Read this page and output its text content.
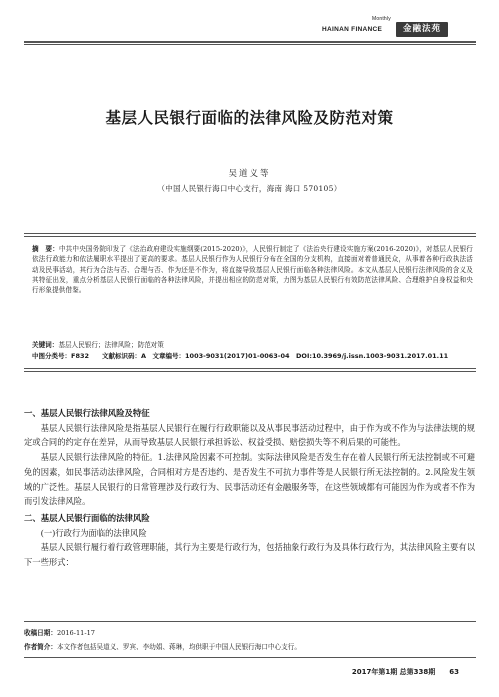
Monthly
HAINAN FINANCE	金融法苑
基层人民银行面临的法律风险及防范对策
吴道义等
（中国人民银行海口中心支行，海南 海口 570105）
摘　要：中共中央国务院印发了《法治政府建设实施纲要(2015-2020)》，人民银行制定了《法治央行建设实施方案(2016-2020)》，对基层人民银行依法行政能力和依法履职水平提出了更高的要求。基层人民银行作为人民银行分布在全国的分支机构，直接面对着普通民众，从事着各种行政执法活动及民事活动，其行为合法与否、合理与否、作为还是不作为，将直接导致基层人民银行面临各种法律风险。本文从基层人民银行法律风险的含义及其特征出发，重点分析基层人民银行面临的各种法律风险，并提出相应的防范对策，力图为基层人民银行有效防范法律风险、合理维护自身权益和央行形象提供借鉴。
关键词：基层人民银行；法律风险；防范对策
中图分类号：F832　　文献标识码：A　文章编号：1003-9031(2017)01-0063-04　DOI:10.3969/j.issn.1003-9031.2017.01.11
一、基层人民银行法律风险及特征
基层人民银行法律风险是指基层人民银行在履行行政职能以及从事民事活动过程中，由于作为或不作为与法律法规的规定或合同的约定存在差异，从而导致基层人民银行承担诉讼、权益受损、赔偿损失等不利后果的可能性。
基层人民银行法律风险的特征。1.法律风险因素不可控制。实际法律风险是否发生存在着人民银行所无法控制或不可避免的因素，如民事活动法律风险，合同相对方是否违约、是否发生不可抗力事件等是人民银行所无法控制的。2.风险发生领域的广泛性。基层人民银行的日常管理涉及行政行为、民事活动还有金融服务等，在这些领域都有可能因为作为或者不作为而引发法律风险。
二、基层人民银行面临的法律风险
(一)行政行为面临的法律风险
基层人民银行履行着行政管理职能，其行为主要是行政行为，包括抽象行政行为及具体行政行为，其法律风险主要有以下一些形式：
收稿日期：2016-11-17
作者简介：本文作者包括吴道义、罗宾、李幼娟、蒋琳，均供职于中国人民银行海口中心支行。
2017年第1期 总第338期　　63
